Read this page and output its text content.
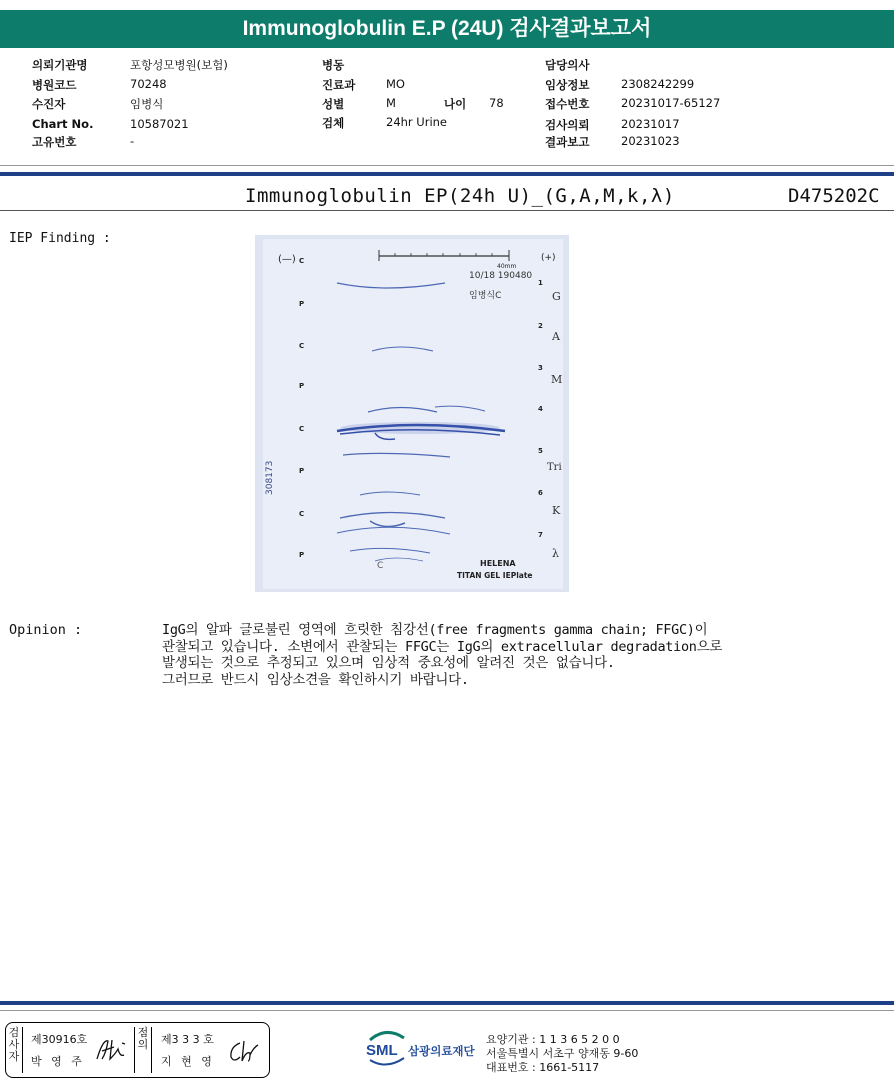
Immunoglobulin E.P (24U) 검사결과보고서
의뢰기관명	포항성모병원(보험)
병원코드	70248
수진자	임병식
Chart No.	10587021
고유번호	-
병동
진료과	MO
성별	M	나이 78
검체	24hr Urine
담당의사
임상정보	2308242299
접수번호	20231017-65127
검사의뢰	20231017
결과보고	20231023
Immunoglobulin EP(24h U)_(G,A,M,k,λ)	D475202C
IEP Finding :
(—)	(+)
40mm
10/18 190480
임병식C
308173
C
P
C
P
C
P
C
P
1
2
3
4
5
6
7
G
A
M
Tri
K
λ
C	HELENA
TITAN GEL IEPlate
Opinion :	IgG의 알파 글로불린 영역에 흐릿한 침강선(free fragments gamma chain; FFGC)이
관찰되고 있습니다. 소변에서 관찰되는 FFGC는 IgG의 extracellular degradation으로
발생되는 것으로 추정되고 있으며 임상적 중요성에 알려진 것은 없습니다.
그러므로 반드시 임상소견을 확인하시기 바랍니다.
검사자
제30916호
박 영 주
점의 제3 3 3 호
지 현 영
SML 삼광의료재단
요양기관 : 1 1 3 6 5 2 0 0
서울특별시 서초구 양재동 9-60
대표번호 : 1661-5117
